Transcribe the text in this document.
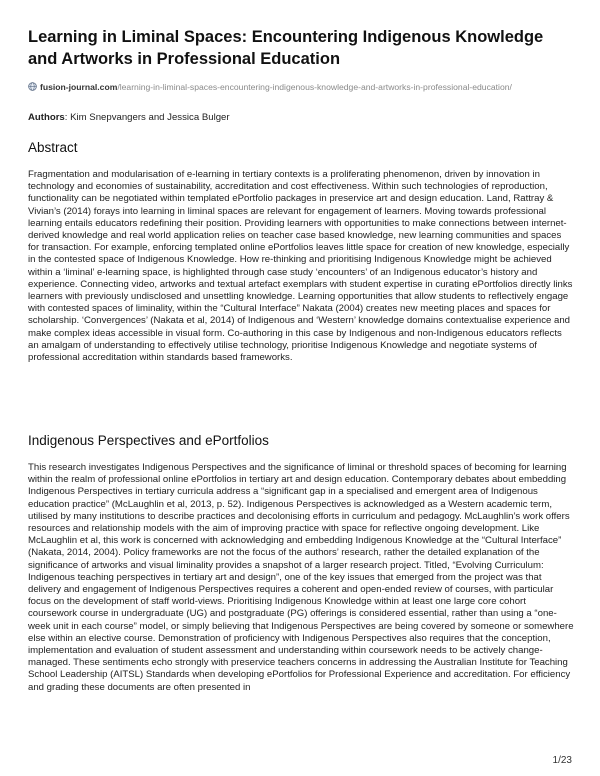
Learning in Liminal Spaces: Encountering Indigenous Knowledge and Artworks in Professional Education
fusion-journal.com/learning-in-liminal-spaces-encountering-indigenous-knowledge-and-artworks-in-professional-education/
Authors: Kim Snepvangers and Jessica Bulger
Abstract

Fragmentation and modularisation of e-learning in tertiary contexts is a proliferating phenomenon, driven by innovation in technology and economies of sustainability, accreditation and cost effectiveness. Within such technologies of reproduction, functionality can be negotiated within templated ePortfolio packages in preservice art and design education. Land, Rattray & Vivian’s (2014) forays into learning in liminal spaces are relevant for engagement of learners. Moving towards professional learning entails educators redefining their position. Providing learners with opportunities to make connections between internet-derived knowledge and real world application relies on teacher case based knowledge, new learning communities and spaces for transaction. For example, enforcing templated online ePortfolios leaves little space for creation of new knowledge, especially in the contested space of Indigenous Knowledge. How re-thinking and prioritising Indigenous Knowledge might be achieved within a ‘liminal’ e-learning space, is highlighted through case study ‘encounters’ of an Indigenous educator’s history and experience. Connecting video, artworks and textual artefact exemplars with student expertise in curating ePortfolios directly links learners with previously undisclosed and unsettling knowledge. Learning opportunities that allow students to reflectively engage with contested spaces of liminality, within the “Cultural Interface” Nakata (2004) creates new meeting places and spaces for scholarship. ‘Convergences’ (Nakata et al, 2014) of Indigenous and ‘Western’ knowledge domains contextualise experience and make complex ideas accessible in visual form. Co-authoring in this case by Indigenous and non-Indigenous educators reflects an amalgam of understanding to effectively utilise technology, prioritise Indigenous Knowledge and negotiate systems of professional accreditation within standards based frameworks.

Indigenous Perspectives and ePortfolios

This research investigates Indigenous Perspectives and the significance of liminal or threshold spaces of becoming for learning within the realm of professional online ePortfolios in tertiary art and design education. Contemporary debates about embedding Indigenous Perspectives in tertiary curricula address a “significant gap in a specialised and emergent area of Indigenous education practice” (McLaughlin et al, 2013, p. 52). Indigenous Perspectives is acknowledged as a Western academic term, utilised by many institutions to describe practices and decolonising efforts in curriculum and pedagogy. McLaughlin’s work offers resources and relationship models with the aim of improving practice with space for reflective ongoing development. Like McLaughlin et al, this work is concerned with acknowledging and embedding Indigenous Knowledge at the “Cultural Interface” (Nakata, 2014, 2004). Policy frameworks are not the focus of the authors’ research, rather the detailed explanation of the significance of artworks and visual liminality provides a snapshot of a larger research project. Titled, “Evolving Curriculum: Indigenous teaching perspectives in tertiary art and design”, one of the key issues that emerged from the project was that delivery and engagement of Indigenous Perspectives requires a coherent and open-ended review of courses, with particular focus on the development of staff world-views. Prioritising Indigenous Knowledge within at least one large core cohort coursework course in undergraduate (UG) and postgraduate (PG) offerings is considered essential, rather than using a “one-week unit in each course” model, or simply believing that Indigenous Perspectives are being covered by someone or somewhere else within an elective course. Demonstration of proficiency with Indigenous Perspectives also requires that the conception, implementation and evaluation of student assessment and understanding within coursework needs to be actively change-managed. These sentiments echo strongly with preservice teachers concerns in addressing the Australian Institute for Teaching School Leadership (AITSL) Standards when developing ePortfolios for Professional Experience and accreditation. For efficiency and grading these documents are often presented in

1/23
